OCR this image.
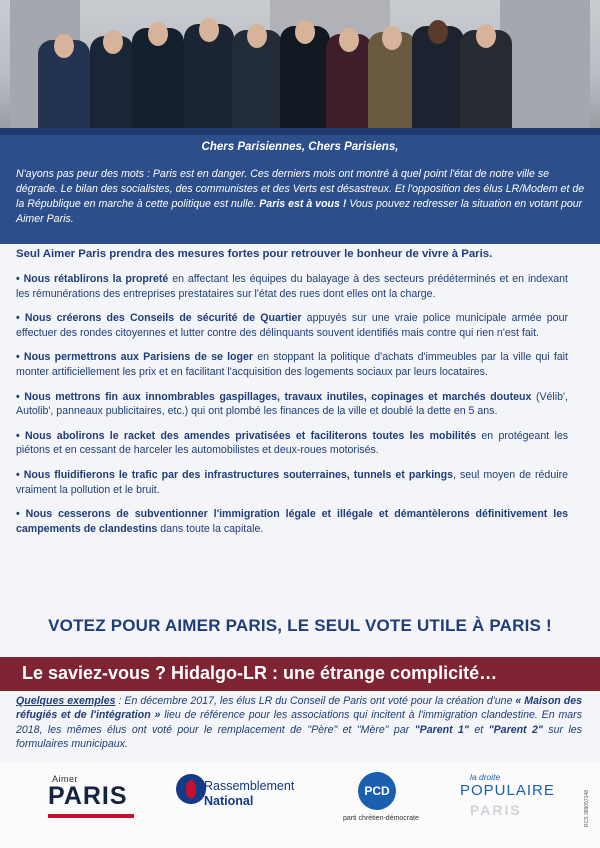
Chers Parisiennes, Chers Parisiens,
N'ayons pas peur des mots : Paris est en danger. Ces derniers mois ont montré à quel point l'état de notre ville se dégrade. Le bilan des socialistes, des communistes et des Verts est désastreux. Et l'opposition des élus LR/Modem et de la République en marche à cette politique est nulle. Paris est à vous ! Vous pouvez redresser la situation en votant pour Aimer Paris.

Seul Aimer Paris prendra des mesures fortes pour retrouver le bonheur de vivre à Paris.

• Nous rétablirons la propreté en affectant les équipes du balayage à des secteurs prédéterminés et en indexant les rémunérations des entreprises prestataires sur l'état des rues dont elles ont la charge.

• Nous créerons des Conseils de sécurité de Quartier appuyés sur une vraie police municipale armée pour effectuer des rondes citoyennes et lutter contre des délinquants souvent identifiés mais contre qui rien n'est fait.

• Nous permettrons aux Parisiens de se loger en stoppant la politique d'achats d'immeubles par la ville qui fait monter artificiellement les prix et en facilitant l'acquisition des logements sociaux par leurs locataires.

• Nous mettrons fin aux innombrables gaspillages, travaux inutiles, copinages et marchés douteux (Vélib', Autolib', panneaux publicitaires, etc.) qui ont plombé les finances de la ville et doublé la dette en 5 ans.

• Nous abolirons le racket des amendes privatisées et faciliterons toutes les mobilités en protégeant les piétons et en cessant de harceler les automobilistes et deux-roues motorisés.

• Nous fluidifierons le trafic par des infrastructures souterraines, tunnels et parkings, seul moyen de réduire vraiment la pollution et le bruit.

• Nous cesserons de subventionner l'immigration légale et illégale et démantèlerons définitivement les campements de clandestins dans toute la capitale.

VOTEZ POUR AIMER PARIS, LE SEUL VOTE UTILE À PARIS !
Le saviez-vous ? Hidalgo-LR : une étrange complicité…
Quelques exemples : En décembre 2017, les élus LR du Conseil de Paris ont voté pour la création d'une « Maison des réfugiés et de l'intégration » lieu de référence pour les associations qui incitent à l'immigration clandestine. En mars 2018, les mêmes élus ont voté pour le remplacement de "Père" et "Mère" par "Parent 1" et "Parent 2" sur les formulaires municipaux.
Aimer
PARIS	Rassemblement
National
PCD
parti chrétien-démocrate
la droite
POPULAIRE
PARIS	RCS 389057148
